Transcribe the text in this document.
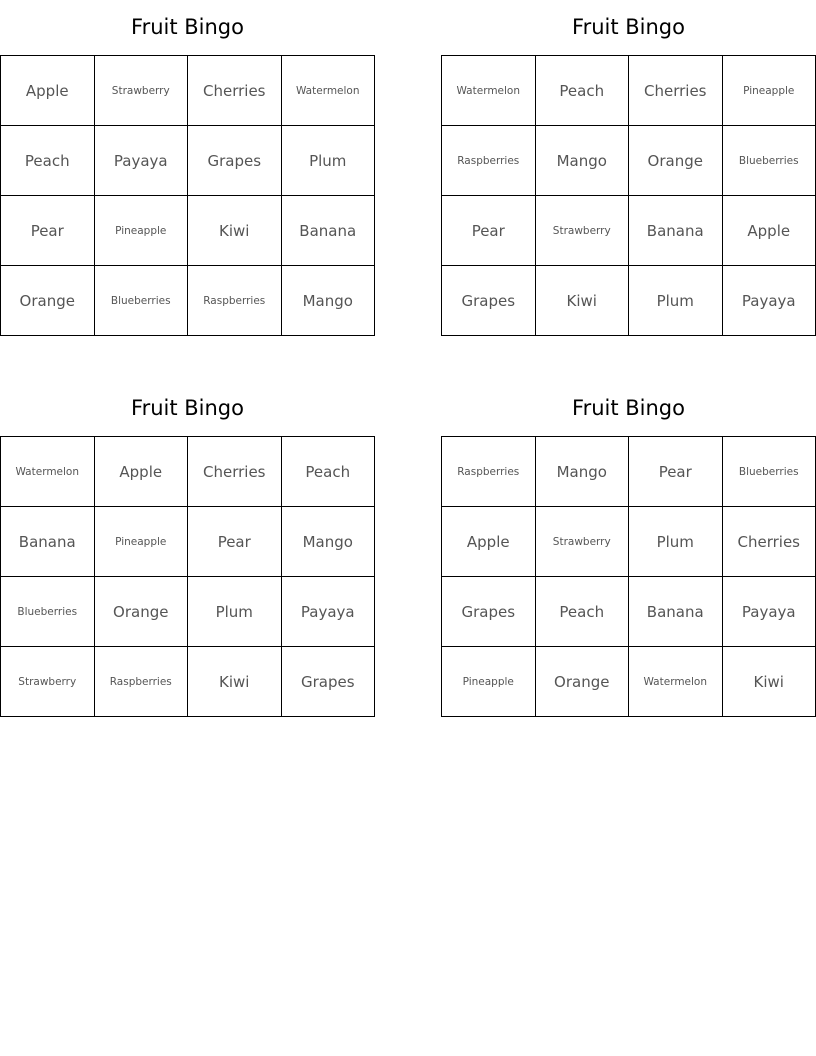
Fruit Bingo
Apple	Strawberry	Cherries	Watermelon
Peach	Payaya	Grapes	Plum
Pear	Pineapple	Kiwi	Banana
Orange	Blueberries	Raspberries	Mango
Fruit Bingo
Watermelon	Peach	Cherries	Pineapple
Raspberries	Mango	Orange	Blueberries
Pear	Strawberry	Banana	Apple
Grapes	Kiwi	Plum	Payaya
Fruit Bingo
Watermelon	Apple	Cherries	Peach
Banana	Pineapple	Pear	Mango
Blueberries	Orange	Plum	Payaya
Strawberry	Raspberries	Kiwi	Grapes
Fruit Bingo
Raspberries	Mango	Pear	Blueberries
Apple	Strawberry	Plum	Cherries
Grapes	Peach	Banana	Payaya
Pineapple	Orange	Watermelon	Kiwi
